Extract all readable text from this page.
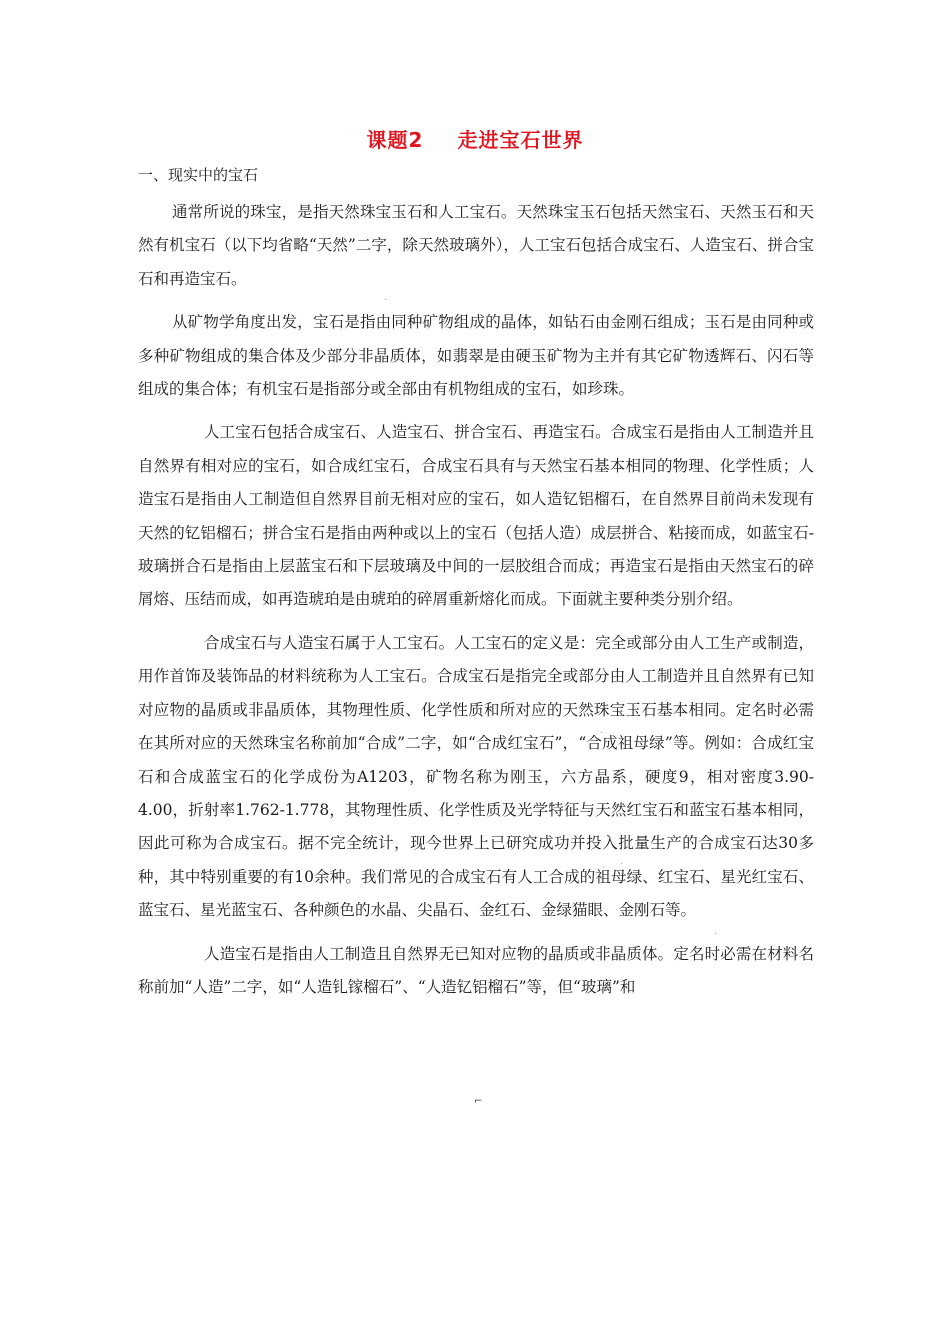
课题2 走进宝石世界
一、现实中的宝石

通常所说的珠宝，是指天然珠宝玉石和人工宝石。天然珠宝玉石包括天然宝石、天然玉石和天然有机宝石（以下均省略“天然”二字，除天然玻璃外），人工宝石包括合成宝石、人造宝石、拼合宝石和再造宝石。

从矿物学角度出发，宝石是指由同种矿物组成的晶体，如钻石由金刚石组成；玉石是由同种或多种矿物组成的集合体及少部分非晶质体，如翡翠是由硬玉矿物为主并有其它矿物透辉石、闪石等组成的集合体；有机宝石是指部分或全部由有机物组成的宝石，如珍珠。

人工宝石包括合成宝石、人造宝石、拼合宝石、再造宝石。合成宝石是指由人工制造并且自然界有相对应的宝石，如合成红宝石，合成宝石具有与天然宝石基本相同的物理、化学性质；人造宝石是指由人工制造但自然界目前无相对应的宝石，如人造钇铝榴石，在自然界目前尚未发现有天然的钇铝榴石；拼合宝石是指由两种或以上的宝石（包括人造）成层拼合、粘接而成，如蓝宝石-玻璃拼合石是指由上层蓝宝石和下层玻璃及中间的一层胶组合而成；再造宝石是指由天然宝石的碎屑熔、压结而成，如再造琥珀是由琥珀的碎屑重新熔化而成。下面就主要种类分别介绍。

合成宝石与人造宝石属于人工宝石。人工宝石的定义是：完全或部分由人工生产或制造，用作首饰及装饰品的材料统称为人工宝石。合成宝石是指完全或部分由人工制造并且自然界有已知对应物的晶质或非晶质体，其物理性质、化学性质和所对应的天然珠宝玉石基本相同。定名时必需在其所对应的天然珠宝名称前加“合成”二字，如“合成红宝石”，“合成祖母绿”等。例如：合成红宝石和合成蓝宝石的化学成份为A1203，矿物名称为刚玉，六方晶系，硬度9，相对密度3.90-4.00，折射率1.762-1.778，其物理性质、化学性质及光学特征与天然红宝石和蓝宝石基本相同，因此可称为合成宝石。据不完全统计，现今世界上已研究成功并投入批量生产的合成宝石达30多种，其中特别重要的有10余种。我们常见的合成宝石有人工合成的祖母绿、红宝石、星光红宝石、蓝宝石、星光蓝宝石、各种颜色的水晶、尖晶石、金红石、金绿猫眼、金刚石等。

人造宝石是指由人工制造且自然界无已知对应物的晶质或非晶质体。定名时必需在材料名称前加“人造”二字，如“人造钆镓榴石”、“人造钇铝榴石”等，但“玻璃”和

.
.
.
.
.
⌐
